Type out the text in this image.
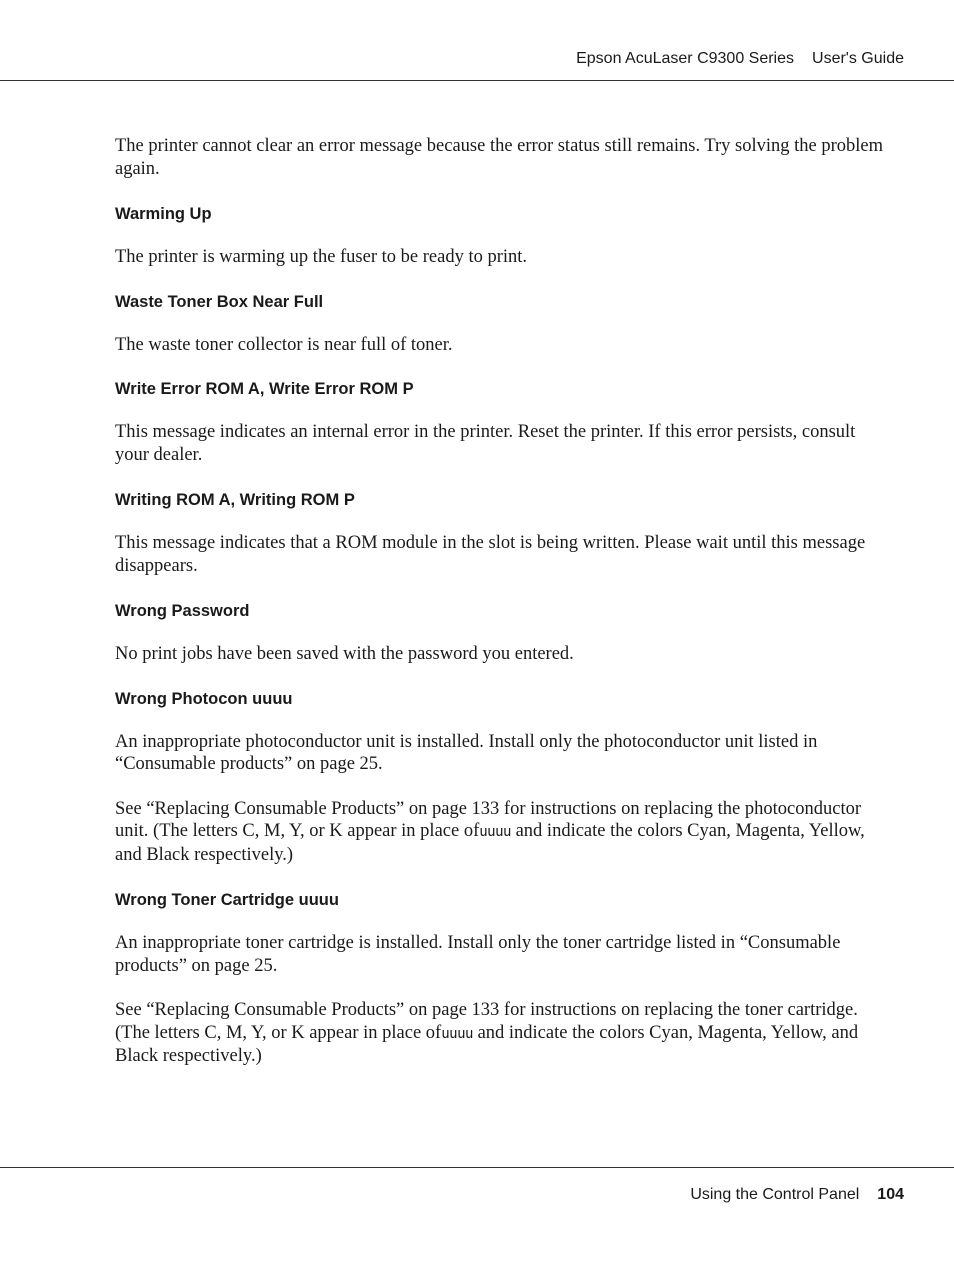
Epson AcuLaser C9300 Series User's Guide

The printer cannot clear an error message because the error status still remains. Try solving the problem again.

Warming Up

The printer is warming up the fuser to be ready to print.

Waste Toner Box Near Full

The waste toner collector is near full of toner.

Write Error ROM A, Write Error ROM P

This message indicates an internal error in the printer. Reset the printer. If this error persists, consult your dealer.

Writing ROM A, Writing ROM P

This message indicates that a ROM module in the slot is being written. Please wait until this message disappears.

Wrong Password

No print jobs have been saved with the password you entered.

Wrong Photocon uuuu

An inappropriate photoconductor unit is installed. Install only the photoconductor unit listed in “Consumable products” on page 25.

See “Replacing Consumable Products” on page 133 for instructions on replacing the photoconductor unit. (The letters C, M, Y, or K appear in place ofuuuu and indicate the colors Cyan, Magenta, Yellow, and Black respectively.)

Wrong Toner Cartridge uuuu

An inappropriate toner cartridge is installed. Install only the toner cartridge listed in “Consumable products” on page 25.

See “Replacing Consumable Products” on page 133 for instructions on replacing the toner cartridge. (The letters C, M, Y, or K appear in place ofuuuu and indicate the colors Cyan, Magenta, Yellow, and Black respectively.)

Using the Control Panel 104
